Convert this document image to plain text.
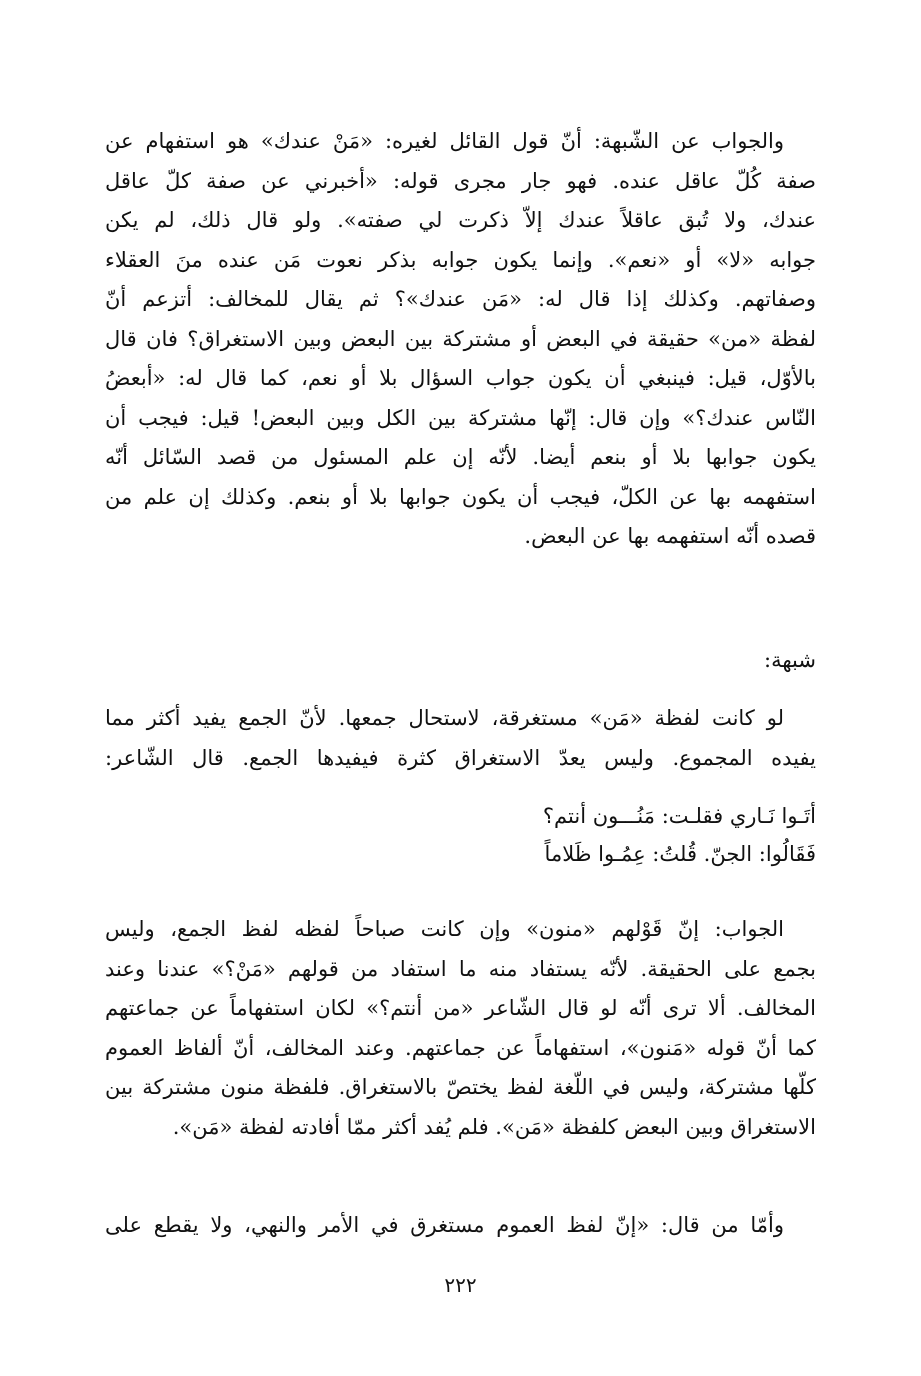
والجواب عن الشّبهة: أنّ قول القائل لغيره: «مَنْ عندك» هو استفهام عن
صفة كُلّ عاقل عنده. فهو جار مجرى قوله: «أخبرني عن صفة كلّ عاقل
عندك، ولا تُبق عاقلاً عندك إلاّ ذكرت لي صفته». ولو قال ذلك، لم يكن
جوابه «لا» أو «نعم». وإنما يكون جوابه بذكر نعوت مَن عنده منَ العقلاء
وصفاتهم. وكذلك إذا قال له: «مَن عندك»؟ ثم يقال للمخالف: أتزعم أنّ
لفظة «من» حقيقة في البعض أو مشتركة بين البعض وبين الاستغراق؟ فان قال
بالأوّل، قيل: فينبغي أن يكون جواب السؤال بلا أو نعم، كما قال له: «أبعضُ
النّاس عندك؟» وإن قال: إنّها مشتركة بين الكل وبين البعض! قيل: فيجب أن
يكون جوابها بلا أو بنعم أيضا. لأنّه إن علم المسئول من قصد السّائل أنّه
استفهمه بها عن الكلّ، فيجب أن يكون جوابها بلا أو بنعم. وكذلك إن علم من
قصده أنّه استفهمه بها عن البعض.

شبهة:

لو كانت لفظة «مَن» مستغرقة، لاستحال جمعها. لأنّ الجمع يفيد أكثر مما
يفيده المجموع. وليس يعدّ الاستغراق كثرة فيفيدها الجمع. قال الشّاعر:

أتَـوا نَـاري فقلـت: مَنُـــون أنتم؟

فَقَالُوا: الجنّ. قُلتُ: عِمُـوا ظَلاماً

الجواب: إنّ قَوْلهم «منون» وإن كانت صباحاً لفظه لفظ الجمع، وليس
بجمع على الحقيقة. لأنّه يستفاد منه ما استفاد من قولهم «مَنْ؟» عندنا وعند
المخالف. ألا ترى أنّه لو قال الشّاعر «من أنتم؟» لكان استفهاماً عن جماعتهم
كما أنّ قوله «مَنون»، استفهاماً عن جماعتهم. وعند المخالف، أنّ ألفاظ العموم
كلّها مشتركة، وليس في اللّغة لفظ يختصّ بالاستغراق. فلفظة منون مشتركة بين
الاستغراق وبين البعض كلفظة «مَن». فلم يُفد أكثر ممّا أفادته لفظة «مَن».

وأمّا من قال: «إنّ لفظ العموم مستغرق في الأمر والنهي، ولا يقطع على

٢٢٢
